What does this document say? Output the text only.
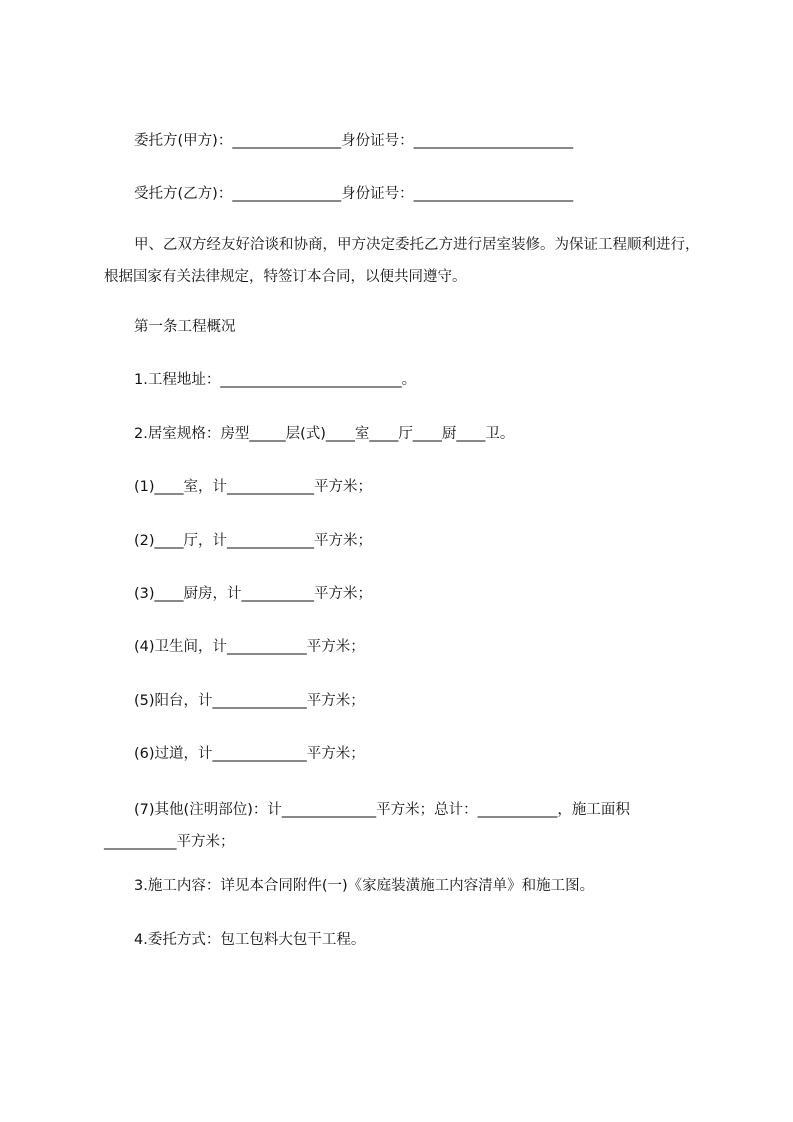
委托方(甲方)：_______________身份证号：______________________
受托方(乙方)：_______________身份证号：______________________
甲、乙双方经友好洽谈和协商，甲方决定委托乙方进行居室装修。为保证工程顺利进行，根据国家有关法律规定，特签订本合同，以便共同遵守。
第一条工程概况
1.工程地址：_________________________。
2.居室规格：房型_____层(式)____室____厅____厨____卫。
(1)____室，计____________平方米；
(2)____厅，计____________平方米；
(3)____厨房，计__________平方米；
(4)卫生间，计___________平方米；
(5)阳台，计_____________平方米；
(6)过道，计_____________平方米；
(7)其他(注明部位)：计_____________平方米；总计：___________，施工面积__________平方米；
3.施工内容：详见本合同附件(一)《家庭装潢施工内容清单》和施工图。
4.委托方式：包工包料大包干工程。
